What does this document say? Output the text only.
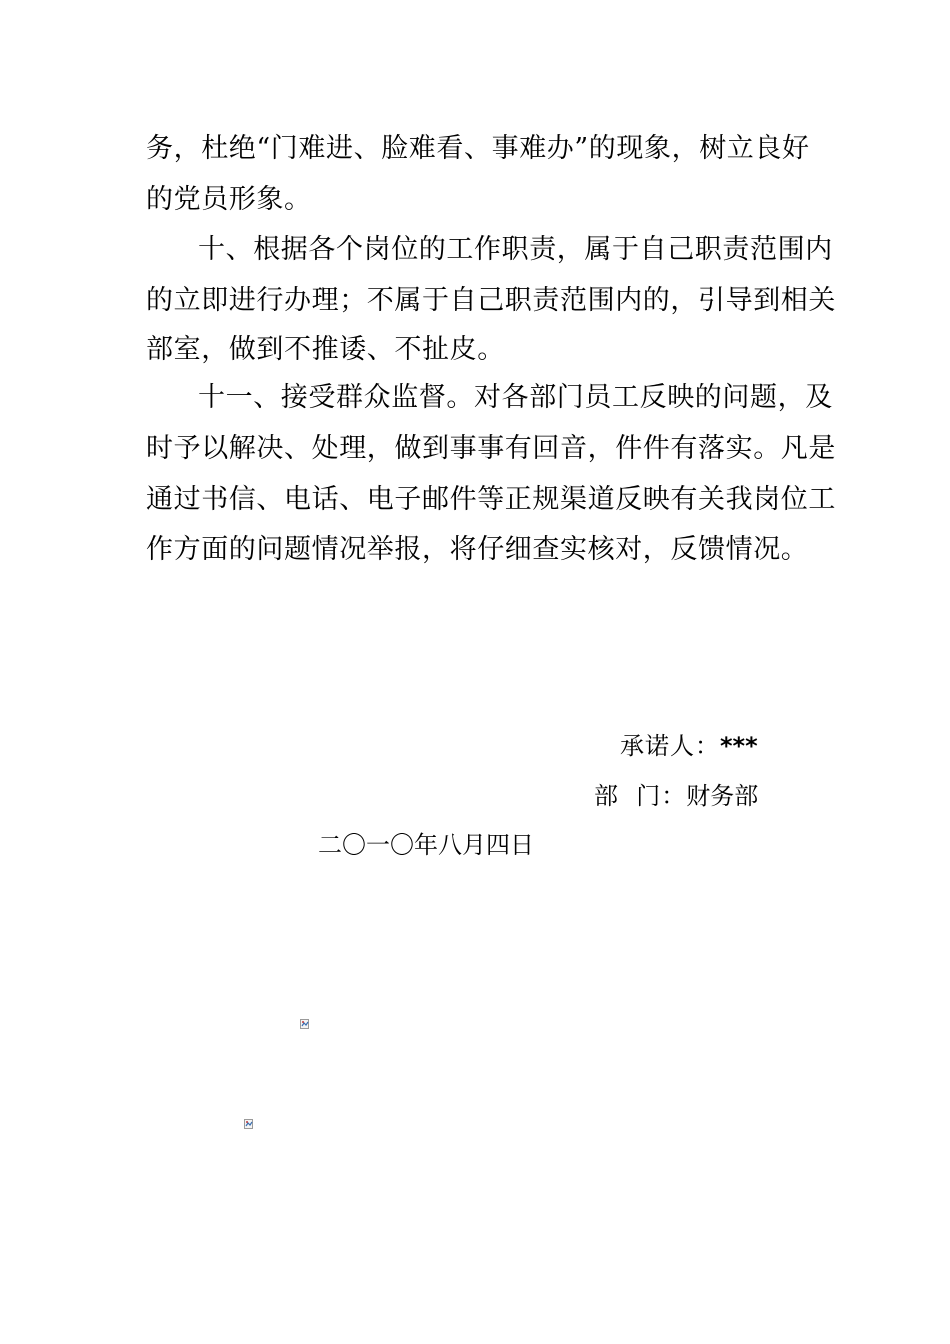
务，杜绝“门难进、脸难看、事难办”的现象，树立良好
的党员形象。
十、根据各个岗位的工作职责，属于自己职责范围内
的立即进行办理；不属于自己职责范围内的，引导到相关
部室，做到不推诿、不扯皮。
十一、接受群众监督。对各部门员工反映的问题，及
时予以解决、处理，做到事事有回音，件件有落实。凡是
通过书信、电话、电子邮件等正规渠道反映有关我岗位工
作方面的问题情况举报，将仔细查实核对，反馈情况。
承诺人：***
部  门：财务部
二〇一〇年八月四日
